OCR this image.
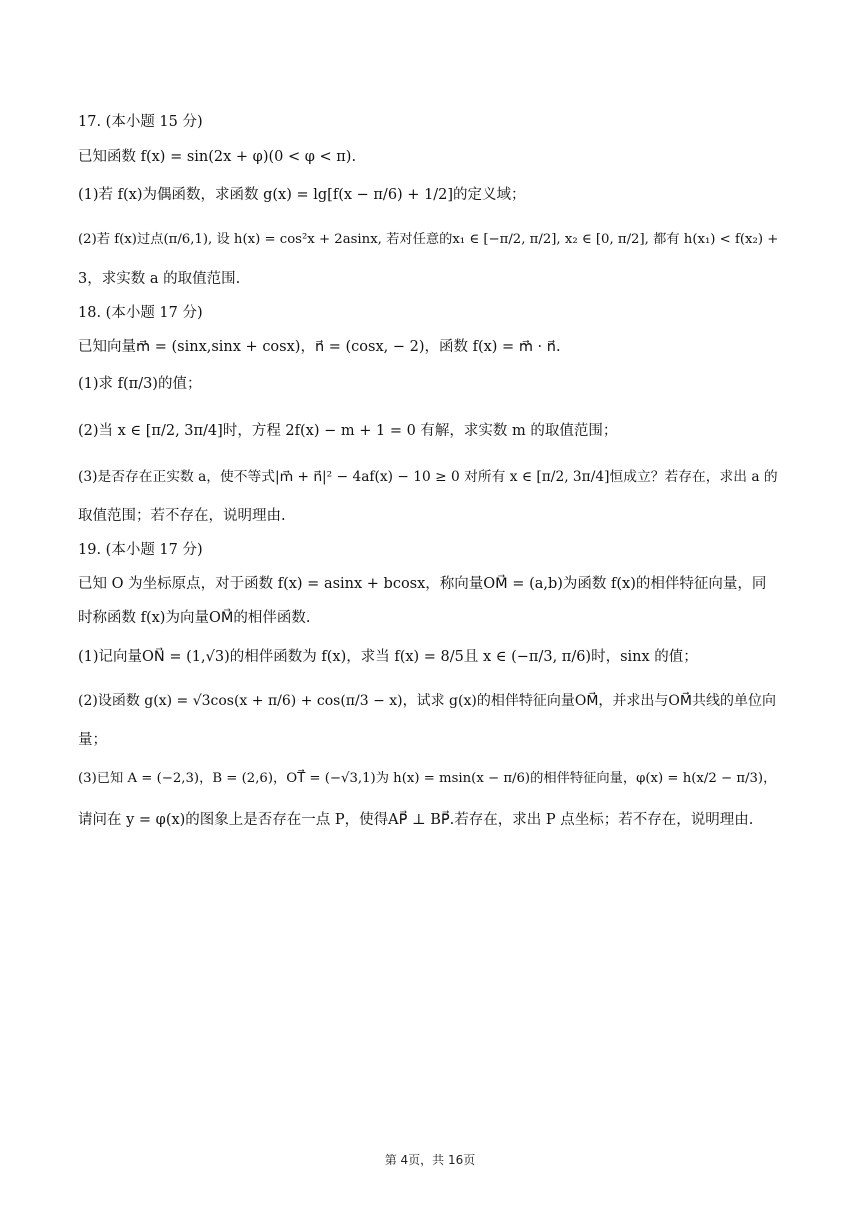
17. (本小题 15 分)
已知函数 f(x) = sin(2x + φ)(0 < φ < π).
(1)若 f(x)为偶函数，求函数 g(x) = lg[f(x − π/6) + 1/2]的定义域；
(2)若 f(x)过点(π/6,1), 设 h(x) = cos²x + 2asinx, 若对任意的x₁ ∈ [−π/2, π/2], x₂ ∈ [0, π/2], 都有 h(x₁) < f(x₂) +
3，求实数 a 的取值范围.
18. (本小题 17 分)
已知向量m⃗ = (sinx,sinx + cosx)，n⃗ = (cosx, − 2)，函数 f(x) = m⃗ · n⃗.
(1)求 f(π/3)的值；
(2)当 x ∈ [π/2, 3π/4]时，方程 2f(x) − m + 1 = 0 有解，求实数 m 的取值范围；
(3)是否存在正实数 a，使不等式|m⃗ + n⃗|² − 4af(x) − 10 ≥ 0 对所有 x ∈ [π/2, 3π/4]恒成立？若存在，求出 a 的
取值范围；若不存在，说明理由.
19. (本小题 17 分)
已知 O 为坐标原点，对于函数 f(x) = asinx + bcosx，称向量OM⃗ = (a,b)为函数 f(x)的相伴特征向量，同
时称函数 f(x)为向量OM⃗的相伴函数.
(1)记向量ON⃗ = (1,√3)的相伴函数为 f(x)，求当 f(x) = 8/5且 x ∈ (−π/3, π/6)时，sinx 的值；
(2)设函数 g(x) = √3cos(x + π/6) + cos(π/3 − x)，试求 g(x)的相伴特征向量OM⃗，并求出与OM⃗共线的单位向
量；
(3)已知 A = (−2,3)，B = (2,6)，OT⃗ = (−√3,1)为 h(x) = msin(x − π/6)的相伴特征向量，φ(x) = h(x/2 − π/3)，
请问在 y = φ(x)的图象上是否存在一点 P，使得AP⃗ ⊥ BP⃗.若存在，求出 P 点坐标；若不存在，说明理由.
第 4页，共 16页
